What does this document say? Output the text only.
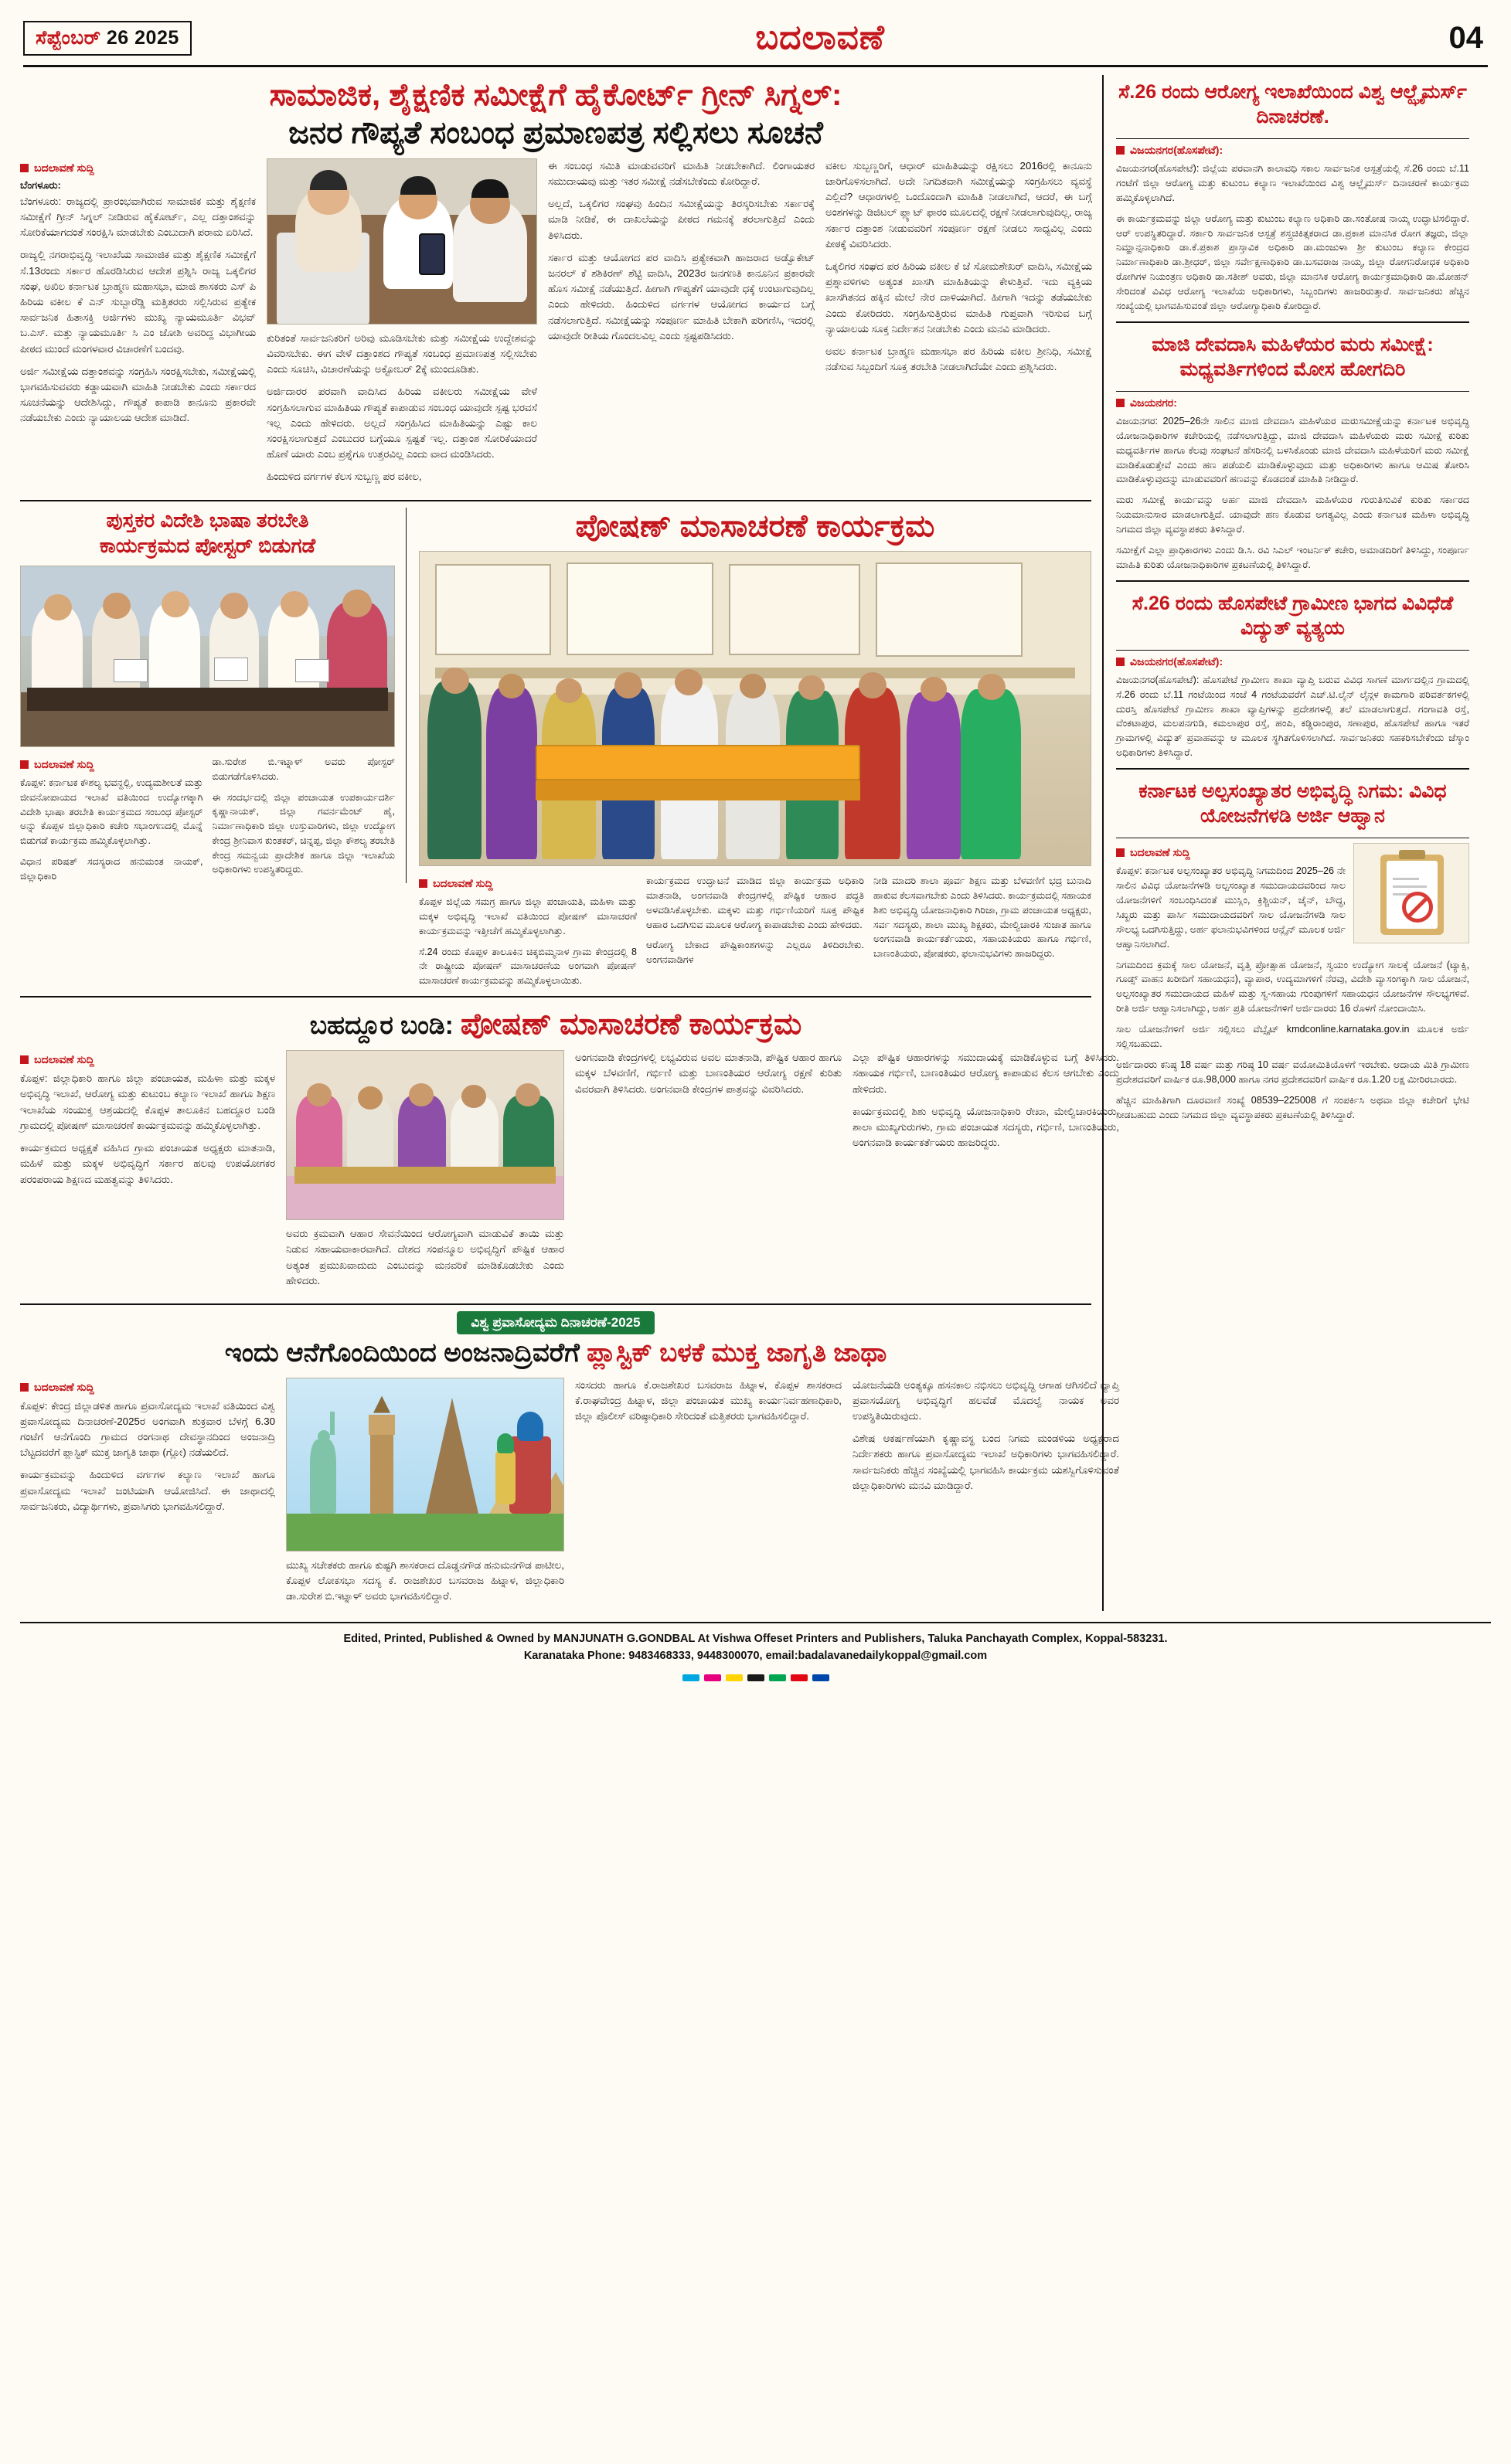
ಸೆಪ್ಟೆಂಬರ್ 26 2025	ಬದಲಾವಣೆ	04
ಸಾಮಾಜಿಕ, ಶೈಕ್ಷಣಿಕ ಸಮೀಕ್ಷೆಗೆ ಹೈಕೋರ್ಟ್ ಗ್ರೀನ್ ಸಿಗ್ನಲ್:
ಜನರ ಗೌಪ್ಯತೆ ಸಂಬಂಧ ಪ್ರಮಾಣಪತ್ರ ಸಲ್ಲಿಸಲು ಸೂಚನೆ
ಬದಲಾವಣೆ ಸುದ್ದಿ
ಬೆಂಗಳೂರು:

ಬೆಂಗಳೂರು: ರಾಜ್ಯದಲ್ಲಿ ಪ್ರಾರಂಭವಾಗಿರುವ ಸಾಮಾಜಿಕ ಮತ್ತು ಶೈಕ್ಷಣಿಕ ಸಮೀಕ್ಷೆಗೆ ಗ್ರೀನ್ ಸಿಗ್ನಲ್ ನೀಡಿರುವ ಹೈಕೋರ್ಟ್, ಎಲ್ಲ ದತ್ತಾಂಶವನ್ನು ಸೋರಿಕೆಯಾಗದಂತೆ ಸಂರಕ್ಷಿಸಿ ಮಾಡಬೇಕು ಎಂಬುದಾಗಿ ಪರಾಮ ಏರಿಸಿದೆ.

ರಾಜ್ಯಲ್ಲಿ ನಗರಾಭಿವೃದ್ಧಿ ಇಲಾಖೆಯ ಸಾಮಾಜಿಕ ಮತ್ತು ಶೈಕ್ಷಣಿಕ ಸಮೀಕ್ಷೆಗೆ ಸೆ.13ರಂದು ಸರ್ಕಾರ ಹೊರಡಿಸಿರುವ ಆದೇಶ ಪ್ರಶ್ನಿಸಿ ರಾಜ್ಯ ಒಕ್ಕಲಿಗರ ಸಂಘ, ಅಖಿಲ ಕರ್ನಾಟಕ ಬ್ರಾಹ್ಮಣ ಮಹಾಸಭಾ, ಮಾಜಿ ಶಾಸಕರು ಎಸ್ ಪಿ ಹಿರಿಯ ವಕೀಲ ಕೆ ಎನ್ ಸುಬ್ಬಾರೆಡ್ಡಿ ಮತ್ತಿತರರು ಸಲ್ಲಿಸಿರುವ ಪ್ರತ್ಯೇಕ ಸಾರ್ವಜನಿಕ ಹಿತಾಸಕ್ತಿ ಅರ್ಜಿಗಳು ಮುಖ್ಯ ನ್ಯಾಯಮೂರ್ತಿ ವಿಭವ್ ಬ.ಎಸ್. ಮತ್ತು ನ್ಯಾಯಮೂರ್ತಿ ಸಿ ಎಂ ಜೋಶಿ ಅವರಿದ್ದ ವಿಭಾಗೀಯ ಪೀಠದ ಮುಂದೆ ಮಂಗಳವಾರ ವಿಚಾರಣೆಗೆ ಬಂದವು.

ಅರ್ಜಿ ಸಮೀಕ್ಷೆಯ ದತ್ತಾಂಶವನ್ನು ಸಂಗ್ರಹಿಸಿ ಸಂರಕ್ಷಿಸಬೇಕು, ಸಮೀಕ್ಷೆಯಲ್ಲಿ ಭಾಗವಹಿಸುವವರು ಕಡ್ಡಾಯವಾಗಿ ಮಾಹಿತಿ ನೀಡಬೇಕು ಎಂದು ಸರ್ಕಾರದ ಸೂಚನೆಯನ್ನು ಆದೇಶಿಸಿದ್ದು, ಗೌಪ್ಯತೆ ಕಾಪಾಡಿ ಕಾನೂನು ಪ್ರಕಾರವೇ ನಡೆಯಬೇಕು ಎಂದು ನ್ಯಾಯಾಲಯ ಆದೇಶ ಮಾಡಿದೆ.

ಕುರಿತಂತೆ ಸಾರ್ವಜನಿಕರಿಗೆ ಅರಿವು ಮೂಡಿಸಬೇಕು ಮತ್ತು ಸಮೀಕ್ಷೆಯ ಉದ್ದೇಶವನ್ನು ವಿವರಿಸಬೇಕು. ಈಗ ವೇಳೆ ದತ್ತಾಂಶದ ಗೌಪ್ಯತೆ ಸಂಬಂಧ ಪ್ರಮಾಣಪತ್ರ ಸಲ್ಲಿಸಬೇಕು ಎಂದು ಸೂಚಿಸಿ, ವಿಚಾರಣೆಯನ್ನು ಅಕ್ಟೋಬರ್ 2ಕ್ಕೆ ಮುಂದೂಡಿತು.

ಅರ್ಜಿದಾರರ ಪರವಾಗಿ ವಾದಿಸಿದ ಹಿರಿಯ ವಕೀಲರು ಸಮೀಕ್ಷೆಯ ವೇಳೆ ಸಂಗ್ರಹಿಸಲಾಗುವ ಮಾಹಿತಿಯ ಗೌಪ್ಯತೆ ಕಾಪಾಡುವ ಸಂಬಂಧ ಯಾವುದೇ ಸ್ಪಷ್ಟ ಭರವಸೆ ಇಲ್ಲ ಎಂದು ಹೇಳಿದರು. ಅಲ್ಲದೆ ಸಂಗ್ರಹಿಸಿದ ಮಾಹಿತಿಯನ್ನು ಎಷ್ಟು ಕಾಲ ಸಂರಕ್ಷಿಸಲಾಗುತ್ತದೆ ಎಂಬುದರ ಬಗ್ಗೆಯೂ ಸ್ಪಷ್ಟತೆ ಇಲ್ಲ. ದತ್ತಾಂಶ ಸೋರಿಕೆಯಾದರೆ ಹೊಣೆ ಯಾರು ಎಂಬ ಪ್ರಶ್ನೆಗೂ ಉತ್ತರವಿಲ್ಲ ಎಂದು ವಾದ ಮಂಡಿಸಿದರು.

ಹಿಂದುಳಿದ ವರ್ಗಗಳ ಕೆಲಸ ಸುಬ್ಬಣ್ಣ ಪರ ವಕೀಲ,

ಈ ಸಂಬಂಧ ಸಮಿತಿ ಮಾಡುವವರಿಗೆ ಮಾಹಿತಿ ನೀಡಬೇಕಾಗಿದೆ. ಲಿಂಗಾಯತರ ಸಮುದಾಯವು ಮತ್ತು ಇತರ ಸಮೀಕ್ಷೆ ನಡೆಸಬೇಕೆಂದು ಕೋರಿದ್ದಾರೆ.

ಅಲ್ಲದೆ, ಒಕ್ಕಲಿಗರ ಸಂಘವು ಹಿಂದಿನ ಸಮೀಕ್ಷೆಯನ್ನು ತಿರಸ್ಕರಿಸಬೇಕು ಸರ್ಕಾರಕ್ಕೆ ಮಾಡಿ ನೀಡಿಕೆ, ಈ ದಾಖಲೆಯನ್ನು ಪೀಠದ ಗಮನಕ್ಕೆ ತರಲಾಗುತ್ತಿದೆ ಎಂದು ತಿಳಿಸಿದರು.

ಸರ್ಕಾರ ಮತ್ತು ಆಯೋಗದ ಪರ ವಾದಿಸಿ ಪ್ರತ್ಯೇಕವಾಗಿ ಹಾಜರಾದ ಅಡ್ವೊಕೇಟ್ ಜನರಲ್ ಕೆ ಶಶಿಕಿರಣ್ ಶೆಟ್ಟಿ ವಾದಿಸಿ, 2023ರ ಜನಗಣತಿ ಕಾನೂನಿನ ಪ್ರಕಾರವೇ ಹೊಸ ಸಮೀಕ್ಷೆ ನಡೆಯುತ್ತಿದೆ. ಹೀಗಾಗಿ ಗೌಪ್ಯತೆಗೆ ಯಾವುದೇ ಧಕ್ಕೆ ಉಂಟಾಗುವುದಿಲ್ಲ ಎಂದು ಹೇಳಿದರು. ಹಿಂದುಳಿದ ವರ್ಗಗಳ ಆಯೋಗದ ಕಾರ್ಯದ ಬಗ್ಗೆ ನಡೆಸಲಾಗುತ್ತಿದೆ. ಸಮೀಕ್ಷೆಯನ್ನು ಸಂಪೂರ್ಣ ಮಾಹಿತಿ ಬೇಕಾಗಿ ಪರಿಗಣಿಸಿ, ಇದರಲ್ಲಿ ಯಾವುದೇ ರೀತಿಯ ಗೊಂದಲವಿಲ್ಲ ಎಂದು ಸ್ಪಷ್ಟಪಡಿಸಿದರು.

ವಕೀಲ ಸುಬ್ಬಣ್ಣರಿಗೆ, ಆಧಾರ್ ಮಾಹಿತಿಯನ್ನು ರಕ್ಷಿಸಲು 2016ರಲ್ಲಿ ಕಾನೂನು ಜಾರಿಗೊಳಿಸಲಾಗಿದೆ. ಅದೇ ನಿಗದಿತವಾಗಿ ಸಮೀಕ್ಷೆಯನ್ನು ಸಂಗ್ರಹಿಸಲು ವ್ಯವಸ್ಥೆ ಎಲ್ಲಿದೆ? ಆಧಾರಗಳಲ್ಲಿ ಒಂದೊಂದಾಗಿ ಮಾಹಿತಿ ನೀಡಲಾಗಿದೆ, ಆದರೆ, ಈ ಬಗ್ಗೆ ಅಂಶಗಳನ್ನು ಡಿಜಿಟಲ್ ಪ್ಲ್ಯಾಟ್ ಫಾರಂ ಮೂಲದಲ್ಲಿ ರಕ್ಷಣೆ ನೀಡಲಾಗುವುದಿಲ್ಲ, ರಾಜ್ಯ ಸರ್ಕಾರ ದತ್ತಾಂಶ ನೀಡುವವರಿಗೆ ಸಂಪೂರ್ಣ ರಕ್ಷಣೆ ನೀಡಲು ಸಾಧ್ಯವಿಲ್ಲ ಎಂದು ಪೀಠಕ್ಕೆ ವಿವರಿಸಿದರು.

ಒಕ್ಕಲಿಗರ ಸಂಘದ ಪರ ಹಿರಿಯ ವಕೀಲ ಕೆ ಜೆ ಸೋಮಶೇಖರ್ ವಾದಿಸಿ, ಸಮೀಕ್ಷೆಯ ಪ್ರಶ್ನಾವಳಿಗಳು ಅತ್ಯಂತ ಖಾಸಗಿ ಮಾಹಿತಿಯನ್ನು ಕೇಳುತ್ತಿವೆ. ಇದು ವ್ಯಕ್ತಿಯ ಖಾಸಗಿತನದ ಹಕ್ಕಿನ ಮೇಲೆ ನೇರ ದಾಳಿಯಾಗಿದೆ. ಹೀಗಾಗಿ ಇದನ್ನು ತಡೆಯಬೇಕು ಎಂದು ಕೋರಿದರು. ಸಂಗ್ರಹಿಸುತ್ತಿರುವ ಮಾಹಿತಿ ಗುಪ್ತವಾಗಿ ಇರಿಸುವ ಬಗ್ಗೆ ನ್ಯಾಯಾಲಯ ಸೂಕ್ತ ನಿರ್ದೇಶನ ನೀಡಬೇಕು ಎಂದು ಮನವಿ ಮಾಡಿದರು.

ಅವಲ ಕರ್ನಾಟಕ ಬ್ರಾಹ್ಮಣ ಮಹಾಸಭಾ ಪರ ಹಿರಿಯ ವಕೀಲ ಶ್ರೀನಿಧಿ, ಸಮೀಕ್ಷೆ ನಡೆಸುವ ಸಿಬ್ಬಂದಿಗೆ ಸೂಕ್ತ ತರಬೇತಿ ನೀಡಲಾಗಿದೆಯೇ ಎಂದು ಪ್ರಶ್ನಿಸಿದರು.

ಪುಸ್ತಕರ ವಿದೇಶಿ ಭಾಷಾ ತರಬೇತಿ
ಕಾರ್ಯಕ್ರಮದ ಪೋಸ್ಟರ್ ಬಿಡುಗಡೆ
ಬದಲಾವಣೆ ಸುದ್ದಿ

ಕೊಪ್ಪಳ: ಕರ್ನಾಟಕ ಕೌಶಲ್ಯ ಭವನ್ದಲ್ಲಿ, ಉದ್ಯಮಶೀಲತೆ ಮತ್ತು ಜೀವನೋಪಾಯದ ಇಲಾಖೆ ವತಿಯಿಂದ ಉದ್ಯೋಗಕ್ಕಾಗಿ ವಿದೇಶಿ ಭಾಷಾ ತರಬೇತಿ ಕಾರ್ಯಕ್ರಮದ ಸಂಬಂಧ ಪೋಸ್ಟರ್ ಅನ್ನು ಕೊಪ್ಪಳ ಜಿಲ್ಲಾಧಿಕಾರಿ ಕಚೇರಿ ಸಭಾಂಗಣದಲ್ಲಿ ಮೊನ್ನೆ ಬಿಡುಗಡೆ ಕಾರ್ಯಕ್ರಮ ಹಮ್ಮಿಕೊಳ್ಳಲಾಗಿತ್ತು.

ವಿಧಾನ ಪರಿಷತ್ ಸದಸ್ಯರಾದ ಹನುಮಂತ ನಾಯಕ್, ಜಿಲ್ಲಾಧಿಕಾರಿ

ಡಾ.ಸುರೇಶ ಬಿ.ಇಟ್ನಾಳ್ ಅವರು ಪೋಸ್ಟರ್ ಬಿಡುಗಡೆಗೊಳಿಸಿದರು.

ಈ ಸಂದರ್ಭದಲ್ಲಿ ಜಿಲ್ಲಾ ಪಂಚಾಯತ ಉಪಕಾರ್ಯದರ್ಶಿ ಕೃಷ್ಣಾನಾಯಕ್, ಜಿಲ್ಲಾ ಗವರ್ನಮೆಂಟ್ ಹೈ, ನಿರ್ಮಾಣಾಧಿಕಾರಿ ಜಿಲ್ಲಾ ಉಸ್ತುವಾರಿಗಳು, ಜಿಲ್ಲಾ ಉದ್ಯೋಗ ಕೇಂದ್ರ ಶ್ರೀನಿವಾಸ ಕುಂತಕರ್, ಚಿನ್ನಪ್ಪ, ಜಿಲ್ಲಾ ಕೌಶಲ್ಯ ತರಬೇತಿ ಕೇಂದ್ರ ಸಮನ್ವಯ ಪ್ರಾದೇಶಿಕ ಹಾಗೂ ಜಿಲ್ಲಾ ಇಲಾಖೆಯ ಅಧಿಕಾರಿಗಳು ಉಪಸ್ಥಿತರಿದ್ದರು.

ಪೋಷಣ್ ಮಾಸಾಚರಣೆ ಕಾರ್ಯಕ್ರಮ
ಬದಲಾವಣೆ ಸುದ್ದಿ

ಕೊಪ್ಪಳ ಜಿಲ್ಲೆಯ ಸಮಗ್ರ ಹಾಗೂ ಜಿಲ್ಲಾ ಪಂಚಾಯತಿ, ಮಹಿಳಾ ಮತ್ತು ಮಕ್ಕಳ ಅಭಿವೃದ್ಧಿ ಇಲಾಖೆ ವತಿಯಿಂದ ಪೋಷಣ್ ಮಾಸಾಚರಣೆ ಕಾರ್ಯಕ್ರಮವನ್ನು ಇತ್ತೀಚೆಗೆ ಹಮ್ಮಿಕೊಳ್ಳಲಾಗಿತ್ತು.

ಸೆ.24 ರಂದು ಕೊಪ್ಪಳ ತಾಲೂಕಿನ ಚಿಕ್ಕಬಿಮ್ಮನಾಳ ಗ್ರಾಮ ಕೇಂದ್ರದಲ್ಲಿ 8 ನೇ ರಾಷ್ಟ್ರೀಯ ಪೋಷಣ್ ಮಾಸಾಚರಣೆಯ ಅಂಗವಾಗಿ ಪೋಷಣ್ ಮಾಸಾಚರಣೆ ಕಾರ್ಯಕ್ರಮವನ್ನು ಹಮ್ಮಿಕೊಳ್ಳಲಾಯಿತು.

ಕಾರ್ಯಕ್ರಮದ ಉದ್ಘಾಟನೆ ಮಾಡಿದ ಜಿಲ್ಲಾ ಕಾರ್ಯಕ್ರಮ ಅಧಿಕಾರಿ ಮಾತನಾಡಿ, ಅಂಗನವಾಡಿ ಕೇಂದ್ರಗಳಲ್ಲಿ ಪೌಷ್ಟಿಕ ಆಹಾರ ಪದ್ಧತಿ ಅಳವಡಿಸಿಕೊಳ್ಳಬೇಕು. ಮಕ್ಕಳು ಮತ್ತು ಗರ್ಭಿಣಿಯರಿಗೆ ಸೂಕ್ತ ಪೌಷ್ಟಿಕ ಆಹಾರ ಒದಗಿಸುವ ಮೂಲಕ ಆರೋಗ್ಯ ಕಾಪಾಡಬೇಕು ಎಂದು ಹೇಳಿದರು.

ಆರೋಗ್ಯ ಬೇಕಾದ ಪೌಷ್ಟಿಕಾಂಶಗಳನ್ನು ಎಲ್ಲರೂ ತಿಳಿದಿರಬೇಕು. ಅಂಗನವಾಡಿಗಳ

ನೀಡಿ ಮಾದರಿ ಶಾಲಾ ಪೂರ್ವ ಶಿಕ್ಷಣ ಮತ್ತು ಬೆಳವಣಿಗೆ ಭದ್ರ ಬುನಾದಿ ಹಾಕುವ ಕೆಲಸವಾಗಬೇಕು ಎಂದು ತಿಳಿಸಿದರು. ಕಾರ್ಯಕ್ರಮದಲ್ಲಿ ಸಹಾಯಕ ಶಿಶು ಅಭಿವೃದ್ಧಿ ಯೋಜನಾಧಿಕಾರಿ ಗಿರಿಜಾ, ಗ್ರಾಮ ಪಂಚಾಯತ ಅಧ್ಯಕ್ಷರು, ಸರ್ವ ಸದಸ್ಯರು, ಶಾಲಾ ಮುಖ್ಯ ಶಿಕ್ಷಕರು, ಮೇಲ್ವಿಚಾರಕಿ ಸುಜಾತ ಹಾಗೂ ಅಂಗನವಾಡಿ ಕಾರ್ಯಕರ್ತೆಯರು, ಸಹಾಯಕಿಯರು ಹಾಗೂ ಗರ್ಭಿಣಿ, ಬಾಣಂತಿಯರು, ಪೋಷಕರು, ಫಲಾನುಭವಿಗಳು ಹಾಜರಿದ್ದರು.

ಬಹದ್ದೂರ ಬಂಡಿ: ಪೋಷಣ್ ಮಾಸಾಚರಣೆ ಕಾರ್ಯಕ್ರಮ
ಬದಲಾವಣೆ ಸುದ್ದಿ

ಕೊಪ್ಪಳ: ಜಿಲ್ಲಾಧಿಕಾರಿ ಹಾಗೂ ಜಿಲ್ಲಾ ಪಂಚಾಯತ, ಮಹಿಳಾ ಮತ್ತು ಮಕ್ಕಳ ಅಭಿವೃದ್ಧಿ ಇಲಾಖೆ, ಆರೋಗ್ಯ ಮತ್ತು ಕುಟುಂಬ ಕಲ್ಯಾಣ ಇಲಾಖೆ ಹಾಗೂ ಶಿಕ್ಷಣ ಇಲಾಖೆಯ ಸಂಯುಕ್ತ ಆಶ್ರಯದಲ್ಲಿ ಕೊಪ್ಪಳ ತಾಲೂಕಿನ ಬಹದ್ದೂರ ಬಂಡಿ ಗ್ರಾಮದಲ್ಲಿ ಪೋಷಣ್ ಮಾಸಾಚರಣೆ ಕಾರ್ಯಕ್ರಮವನ್ನು ಹಮ್ಮಿಕೊಳ್ಳಲಾಗಿತ್ತು.

ಕಾರ್ಯಕ್ರಮದ ಅಧ್ಯಕ್ಷತೆ ವಹಿಸಿದ ಗ್ರಾಮ ಪಂಚಾಯತ ಅಧ್ಯಕ್ಷರು ಮಾತನಾಡಿ, ಮಹಿಳೆ ಮತ್ತು ಮಕ್ಕಳ ಅಭಿವೃದ್ಧಿಗೆ ಸರ್ಕಾರ ಹಲವು ಉಪಯೋಗಕರ ಪರಂಪರಾಯ ಶಿಕ್ಷಣದ ಮಹತ್ವವನ್ನು ತಿಳಿಸಿದರು.

ಅವರು ಕ್ರಮವಾಗಿ ಆಹಾರ ಸೇವನೆಯಿಂದ ಆರೋಗ್ಯವಾಗಿ ಮಾಡುವಿಕೆ ತಾಯಿ ಮತ್ತು ನಿಡುವ ಸಹಾಯವಾಕಾರವಾಗಿದೆ. ದೇಶದ ಸಂಪನ್ಮೂಲ ಅಭಿವೃದ್ಧಿಗೆ ಪೌಷ್ಟಿಕ ಆಹಾರ ಅತ್ಯಂತ ಪ್ರಮುಖವಾದುದು ಎಂಬುದನ್ನು ಮನವರಿಕೆ ಮಾಡಿಕೊಡಬೇಕು ಎಂದು ಹೇಳಿದರು.

ಅಂಗನವಾಡಿ ಕೇಂದ್ರಗಳಲ್ಲಿ ಲಭ್ಯವಿರುವ ಅವಲ ಮಾತನಾಡಿ, ಪೌಷ್ಟಿಕ ಆಹಾರ ಹಾಗೂ ಮಕ್ಕಳ ಬೆಳವಣಿಗೆ, ಗರ್ಭಿಣಿ ಮತ್ತು ಬಾಣಂತಿಯರ ಆರೋಗ್ಯ ರಕ್ಷಣೆ ಕುರಿತು ವಿವರವಾಗಿ ತಿಳಿಸಿದರು. ಅಂಗನವಾಡಿ ಕೇಂದ್ರಗಳ ಪಾತ್ರವನ್ನು ವಿವರಿಸಿದರು.

ಎಲ್ಲಾ ಪೌಷ್ಟಿಕ ಆಹಾರಗಳನ್ನು ಸಮುದಾಯಕ್ಕೆ ಮಾಡಿಕೊಳ್ಳುವ ಬಗ್ಗೆ ತಿಳಿಸಿದರು. ಸಹಾಯಕ ಗರ್ಭಿಣಿ, ಬಾಣಂತಿಯರ ಆರೋಗ್ಯ ಕಾಪಾಡುವ ಕೆಲಸ ಆಗಬೇಕು ಎಂದು ಹೇಳಿದರು.

ಕಾರ್ಯಕ್ರಮದಲ್ಲಿ ಶಿಶು ಅಭಿವೃದ್ಧಿ ಯೋಜನಾಧಿಕಾರಿ ರೇಖಾ, ಮೇಲ್ವಿಚಾರಕಿಯರು, ಶಾಲಾ ಮುಖ್ಯಗುರುಗಳು, ಗ್ರಾಮ ಪಂಚಾಯತ ಸದಸ್ಯರು, ಗರ್ಭಿಣಿ, ಬಾಣಂತಿಯರು, ಅಂಗನವಾಡಿ ಕಾರ್ಯಕರ್ತೆಯರು ಹಾಜರಿದ್ದರು.

ವಿಶ್ವ ಪ್ರವಾಸೋದ್ಯಮ ದಿನಾಚರಣೆ-2025
ಇಂದು ಆನೆಗೊಂದಿಯಿಂದ ಅಂಜನಾದ್ರಿವರೆಗೆ ಪ್ಲಾಸ್ಟಿಕ್ ಬಳಕೆ ಮುಕ್ತ ಜಾಗೃತಿ ಜಾಥಾ
ಬದಲಾವಣೆ ಸುದ್ದಿ

ಕೊಪ್ಪಳ: ಕೇಂದ್ರ ಜಿಲ್ಲಾಡಳಿತ ಹಾಗೂ ಪ್ರವಾಸೋದ್ಯಮ ಇಲಾಖೆ ವತಿಯಿಂದ ವಿಶ್ವ ಪ್ರವಾಸೋದ್ಯಮ ದಿನಾಚರಣೆ-2025ರ ಅಂಗವಾಗಿ ಶುಕ್ರವಾರ ಬೆಳಗ್ಗೆ 6.30 ಗಂಟೆಗೆ ಆನೆಗೊಂದಿ ಗ್ರಾಮದ ರಂಗನಾಥ ದೇವಸ್ಥಾನದಿಂದ ಅಂಜನಾದ್ರಿ ಬೆಟ್ಟದವರೆಗೆ ಪ್ಲಾಸ್ಟಿಕ್ ಮುಕ್ತ ಜಾಗೃತಿ ಜಾಥಾ (ಗ್ಲೋ) ನಡೆಯಲಿದೆ.

ಕಾರ್ಯಕ್ರಮವನ್ನು ಹಿಂದುಳಿದ ವರ್ಗಗಳ ಕಲ್ಯಾಣ ಇಲಾಖೆ ಹಾಗೂ ಪ್ರವಾಸೋದ್ಯಮ ಇಲಾಖೆ ಜಂಟಿಯಾಗಿ ಆಯೋಜಿಸಿದೆ. ಈ ಜಾಥಾದಲ್ಲಿ ಸಾರ್ವಜನಿಕರು, ವಿದ್ಯಾರ್ಥಿಗಳು, ಪ್ರವಾಸಿಗರು ಭಾಗವಹಿಸಲಿದ್ದಾರೆ.

ಮುಖ್ಯ ಸಚೇತಕರು ಹಾಗೂ ಕುಷ್ಟಗಿ ಶಾಸಕರಾದ ದೊಡ್ಡನಗೌಡ ಹನುಮನಗೌಡ ಪಾಟೀಲ, ಕೊಪ್ಪಳ ಲೋಕಸಭಾ ಸದಸ್ಯ ಕೆ. ರಾಜಶೇಖರ ಬಸವರಾಜ ಹಿಟ್ನಾಳ, ಜಿಲ್ಲಾಧಿಕಾರಿ ಡಾ.ಸುರೇಶ ಬಿ.ಇಟ್ನಾಳ್ ಅವರು ಭಾಗವಹಿಸಲಿದ್ದಾರೆ.

ಸಂಸದರು ಹಾಗೂ ಕೆ.ರಾಜಶೇಖರ ಬಸವರಾಜ ಹಿಟ್ನಾಳ, ಕೊಪ್ಪಳ ಶಾಸಕರಾದ ಕೆ.ರಾಘವೇಂದ್ರ ಹಿಟ್ನಾಳ, ಜಿಲ್ಲಾ ಪಂಚಾಯತ ಮುಖ್ಯ ಕಾರ್ಯನಿರ್ವಹಣಾಧಿಕಾರಿ, ಜಿಲ್ಲಾ ಪೊಲೀಸ್ ವರಿಷ್ಠಾಧಿಕಾರಿ ಸೇರಿದಂತೆ ಮತ್ತಿತರರು ಭಾಗವಹಿಸಲಿದ್ದಾರೆ.

ಯೋಜನೆಯಡಿ ಅಂತ್ಯಕ್ಕೂ ಹಸನಕಾಲ ನಭಿಸಲು ಅಭಿವೃದ್ಧಿ ಆಗಾಹ ಆಗಿಸಲಿದೆ ವ್ಯಾಪ್ತಿ ಪ್ರವಾಸಯೋಗ್ಯ ಅಭಿವೃದ್ಧಿಗೆ ಹಲವೆಡೆ ಮೊದಲ್ವೆ ನಾಯಕ ಅವರ ಉಪಸ್ಥಿತಿಯಿರುವುದು.

ವಿಶೇಷ ಆಕರ್ಷಣೆಯಾಗಿ ಕೃಷ್ಣಾವಸ್ಥ ಬಂದ ನಿಗಮ ಮಂಡಳಿಯ ಅಧ್ಯಕ್ಷರಾದ ನಿರ್ದೇಶಕರು ಹಾಗೂ ಪ್ರವಾಸೋದ್ಯಮ ಇಲಾಖೆ ಅಧಿಕಾರಿಗಳು ಭಾಗವಹಿಸಲಿದ್ದಾರೆ. ಸಾರ್ವಜನಿಕರು ಹೆಚ್ಚಿನ ಸಂಖ್ಯೆಯಲ್ಲಿ ಭಾಗವಹಿಸಿ ಕಾರ್ಯಕ್ರಮ ಯಶಸ್ವಿಗೊಳಿಸುವಂತೆ ಜಿಲ್ಲಾಧಿಕಾರಿಗಳು ಮನವಿ ಮಾಡಿದ್ದಾರೆ.

ಸೆ.26 ರಂದು ಆರೋಗ್ಯ ಇಲಾಖೆಯಿಂದ ವಿಶ್ವ ಆಲ್ಝೈಮರ್ಸ್ ದಿನಾಚರಣೆ.
ವಿಜಯನಗರ(ಹೊಸಪೇಟೆ):

ವಿಜಯನಗರ(ಹೊಸಪೇಟೆ): ಜಿಲ್ಲೆಯ ಪರವಾನಗಿ ಕಾಲಾವಧಿ ಸಕಾಲ ಸಾರ್ವಜನಿಕ ಆಸ್ಪತ್ರೆಯಲ್ಲಿ ಸೆ.26 ರಂದು ಬೆ.11 ಗಂಟೆಗೆ ಜಿಲ್ಲಾ ಆರೋಗ್ಯ ಮತ್ತು ಕುಟುಂಬ ಕಲ್ಯಾಣ ಇಲಾಖೆಯಿಂದ ವಿಶ್ವ ಆಲ್ಝೈಮರ್ಸ್ ದಿನಾಚರಣೆ ಕಾರ್ಯಕ್ರಮ ಹಮ್ಮಿಕೊಳ್ಳಲಾಗಿದೆ.

ಈ ಕಾರ್ಯಕ್ರಮವನ್ನು ಜಿಲ್ಲಾ ಆರೋಗ್ಯ ಮತ್ತು ಕುಟುಂಬ ಕಲ್ಯಾಣ ಅಧಿಕಾರಿ ಡಾ.ಸಂತೋಷ ನಾಯ್ಕ ಉದ್ಘಾಟಿಸಲಿದ್ದಾರೆ. ಆರ್ ಉಪಸ್ಥಿತರಿದ್ದಾರೆ. ಸರ್ಕಾರಿ ಸಾರ್ವಜನಿಕ ಆಸ್ಪತ್ರೆ ಶಸ್ತ್ರಚಿಕಿತ್ಸಕರಾದ ಡಾ.ಪ್ರಕಾಶ ಮಾನಸಿಕ ರೋಗ ತಜ್ಞರು, ಜಿಲ್ಲಾ ನಿಮ್ಹಾನ್ಸನಾಧಿಕಾರಿ ಡಾ.ಕೆ.ಪ್ರಕಾಶ ಪ್ರಾಸ್ತಾವಿಕ ಅಧಿಕಾರಿ ಡಾ.ಮಂಜುಳಾ ಶ್ರೀ ಕುಟುಂಬ ಕಲ್ಯಾಣ ಕೇಂದ್ರದ ನಿರ್ಮಾಣಾಧಿಕಾರಿ ಡಾ.ಶ್ರೀಧರ್, ಜಿಲ್ಲಾ ಸರ್ವೇಕ್ಷಣಾಧಿಕಾರಿ ಡಾ.ಬಸವರಾಜ ನಾಯ್ಕ, ಜಿಲ್ಲಾ ರೋಗನಿರೋಧಕ ಅಧಿಕಾರಿ ರೋಗಿಗಳ ನಿಯಂತ್ರಣ ಅಧಿಕಾರಿ ಡಾ.ಸತೀಶ್ ಅವರು, ಜಿಲ್ಲಾ ಮಾನಸಿಕ ಆರೋಗ್ಯ ಕಾರ್ಯಕ್ರಮಾಧಿಕಾರಿ ಡಾ.ಮೋಹನ್ ಸೇರಿದಂತೆ ವಿವಿಧ ಆರೋಗ್ಯ ಇಲಾಖೆಯ ಅಧಿಕಾರಿಗಳು, ಸಿಬ್ಬಂದಿಗಳು ಹಾಜರಿರುತ್ತಾರೆ. ಸಾರ್ವಜನಿಕರು ಹೆಚ್ಚಿನ ಸಂಖ್ಯೆಯಲ್ಲಿ ಭಾಗವಹಿಸುವಂತೆ ಜಿಲ್ಲಾ ಆರೋಗ್ಯಾಧಿಕಾರಿ ಕೋರಿದ್ದಾರೆ.

ಮಾಜಿ ದೇವದಾಸಿ ಮಹಿಳೆಯರ ಮರು ಸಮೀಕ್ಷೆ: ಮಧ್ಯವರ್ತಿಗಳಿಂದ ಮೋಸ ಹೋಗದಿರಿ
ವಿಜಯನಗರ:

ವಿಜಯನಗರ: 2025–26ನೇ ಸಾಲಿನ ಮಾಜಿ ದೇವದಾಸಿ ಮಹಿಳೆಯರ ಮರುಸಮೀಕ್ಷೆಯನ್ನು ಕರ್ನಾಟಕ ಅಭಿವೃದ್ಧಿ ಯೋಜನಾಧಿಕಾರಿಗಳ ಕಚೇರಿಯಲ್ಲಿ ನಡೆಸಲಾಗುತ್ತಿದ್ದು, ಮಾಜಿ ದೇವದಾಸಿ ಮಹಿಳೆಯರು ಮರು ಸಮೀಕ್ಷೆ ಕುರಿತು ಮಧ್ಯವರ್ತಿಗಳ ಹಾಗೂ ಕೆಲವು ಸಂಘಟನೆ ಹೆಸರಿನಲ್ಲಿ ಬಳಸಿಕೊಂಡು ಮಾಜಿ ದೇವದಾಸಿ ಮಹಿಳೆಯರಿಗೆ ಮರು ಸಮೀಕ್ಷೆ ಮಾಡಿಕೊಡುತ್ತೇವೆ ಎಂದು ಹಣ ಪಡೆಯಲಿ ಮಾಡಿಕೊಳ್ಳುವುದು ಮತ್ತು ಅಧಿಕಾರಿಗಳು ಹಾಗೂ ಆಮಿಷ ತೋರಿಸಿ ಮಾಡಿಕೊಳ್ಳುವುದನ್ನು ಮಾಡುವವರಿಗೆ ಹಣವನ್ನು ಕೊಡದಂತೆ ಮಾಹಿತಿ ನೀಡಿದ್ದಾರೆ.

ಮರು ಸಮೀಕ್ಷೆ ಕಾರ್ಯವನ್ನು ಅರ್ಹ ಮಾಜಿ ದೇವದಾಸಿ ಮಹಿಳೆಯರ ಗುರುತಿಸುವಿಕೆ ಕುರಿತು ಸರ್ಕಾರದ ನಿಯಮಾನುಸಾರ ಮಾಡಲಾಗುತ್ತಿದೆ. ಯಾವುದೇ ಹಣ ಕೊಡುವ ಅಗತ್ಯವಿಲ್ಲ ಎಂದು ಕರ್ನಾಟಕ ಮಹಿಳಾ ಅಭಿವೃದ್ಧಿ ನಿಗಮದ ಜಿಲ್ಲಾ ವ್ಯವಸ್ಥಾಪಕರು ತಿಳಿಸಿದ್ದಾರೆ.

ಸಮೀಕ್ಷೆಗೆ ಎಲ್ಲಾ ಪ್ರಾಧಿಕಾರಗಳು ಎಂದು ಡಿ.ಸಿ. ರವಿ ಸಿಎಲ್ ಇಂಟರ್ನಿಕ್ ಕಚೇರಿ, ಅಮಾಡದಿರಿಗೆ ತಿಳಿಸಿದ್ದು, ಸಂಪೂರ್ಣ ಮಾಹಿತಿ ಕುರಿತು ಯೋಜನಾಧಿಕಾರಿಗಳ ಪ್ರಕಟಣೆಯಲ್ಲಿ ತಿಳಿಸಿದ್ದಾರೆ.

ಸೆ.26 ರಂದು ಹೊಸಪೇಟೆ ಗ್ರಾಮೀಣ ಭಾಗದ ವಿವಿಧೆಡೆ ವಿದ್ಯುತ್ ವ್ಯತ್ಯಯ
ವಿಜಯನಗರ(ಹೊಸಪೇಟೆ):

ವಿಜಯನಗರ(ಹೊಸಪೇಟೆ): ಹೊಸಪೇಟೆ ಗ್ರಾಮೀಣ ಶಾಖಾ ವ್ಯಾಪ್ತಿ ಬರುವ ವಿವಿಧ ಸಾಗಣೆ ಮಾರ್ಗದಲ್ಲಿನ ಗ್ರಾಮದಲ್ಲಿ ಸೆ.26 ರಂದು ಬೆ.11 ಗಂಟೆಯಿಂದ ಸಂಜೆ 4 ಗಂಟೆಯವರೆಗೆ ಎಚ್.ಟಿ.ಲೈನ್ ಲೈನ್ಗಳ ಕಾಮಗಾರಿ ಪರಿವರ್ತಕಗಳಲ್ಲಿ ದುರಸ್ತಿ ಹೊಸಪೇಟೆ ಗ್ರಾಮೀಣ ಶಾಖಾ ವ್ಯಾಪ್ತಿಗಳನ್ನು ಪ್ರದೇಶಗಳಲ್ಲಿ ತಲೆ ಮಾಡಲಾಗುತ್ತದೆ. ಗಂಗಾವತಿ ರಸ್ತೆ, ವೆಂಕಟಾಪುರ, ಮಲಪನಗುಡಿ, ಕಮಲಾಪುರ ರಸ್ತೆ, ಹಂಪಿ, ಕಡ್ಡಿರಾಂಪುರ, ಸಣಾಪುರ, ಹೊಸಪೇಟೆ ಹಾಗೂ ಇತರೆ ಗ್ರಾಮಗಳಲ್ಲಿ ವಿದ್ಯುತ್ ಪ್ರವಾಹವನ್ನು ಆ ಮೂಲಕ ಸ್ಥಗಿತಗೊಳಿಸಲಾಗಿದೆ. ಸಾರ್ವಜನಿಕರು ಸಹಕರಿಸಬೇಕೆಂದು ಜೆಸ್ಕಾಂ ಅಧಿಕಾರಿಗಳು ತಿಳಿಸಿದ್ದಾರೆ.

ಕರ್ನಾಟಕ ಅಲ್ಪಸಂಖ್ಯಾತರ ಅಭಿವೃದ್ಧಿ ನಿಗಮ: ವಿವಿಧ ಯೋಜನೆಗಳಡಿ ಅರ್ಜಿ ಆಹ್ವಾನ
ಬದಲಾವಣೆ ಸುದ್ದಿ

ಕೊಪ್ಪಳ: ಕರ್ನಾಟಕ ಅಲ್ಪಸಂಖ್ಯಾತರ ಅಭಿವೃದ್ಧಿ ನಿಗಮದಿಂದ 2025–26 ನೇ ಸಾಲಿನ ವಿವಿಧ ಯೋಜನೆಗಳಡಿ ಅಲ್ಪಸಂಖ್ಯಾತ ಸಮುದಾಯದವರಿಂದ ಸಾಲ ಯೋಜನೆಗಳಿಗೆ ಸಂಬಂಧಿಸಿದಂತೆ ಮುಸ್ಲಿಂ, ಕ್ರಿಶ್ಚಿಯನ್, ಜೈನ್, ಬೌದ್ಧ, ಸಿಖ್ಖರು ಮತ್ತು ಪಾರ್ಸಿ ಸಮುದಾಯದವರಿಗೆ ಸಾಲ ಯೋಜನೆಗಳಡಿ ಸಾಲ ಸೌಲಭ್ಯ ಒದಗಿಸುತ್ತಿದ್ದು, ಅರ್ಹ ಫಲಾನುಭವಿಗಳಿಂದ ಆನ್ಲೈನ್ ಮೂಲಕ ಅರ್ಜಿ ಆಹ್ವಾನಿಸಲಾಗಿದೆ.

ನಿಗಮದಿಂದ ಕ್ರಮಕ್ಕೆ ಸಾಲ ಯೋಜನೆ, ವೃತ್ತಿ ಪ್ರೋತ್ಸಾಹ ಯೋಜನೆ, ಸ್ವಯಂ ಉದ್ಯೋಗ ಸಾಲಕ್ಕೆ ಯೋಜನೆ (ಟ್ಯಾಕ್ಸಿ, ಗೂಡ್ಸ್ ವಾಹನ ಖರೀದಿಗೆ ಸಹಾಯಧನ), ವ್ಯಾಪಾರ, ಉದ್ಯಮಾಗಳಿಗೆ ನೆರವು, ವಿದೇಶಿ ವ್ಯಾಸಂಗಕ್ಕಾಗಿ ಸಾಲ ಯೋಜನೆ, ಅಲ್ಪಸಂಖ್ಯಾತರ ಸಮುದಾಯದ ಮಹಿಳೆ ಮತ್ತು ಸ್ವ-ಸಹಾಯ ಗುಂಪುಗಳಿಗೆ ಸಹಾಯಧನ ಯೋಜನೆಗಳ ಸೌಲಭ್ಯಗಳಿವೆ. ರೀತಿ ಅರ್ಜಿ ಆಹ್ವಾನಿಸಲಾಗಿದ್ದು, ಅರ್ಹ ಪ್ರತಿ ಯೋಜನೆಗಳಿಗೆ ಅರ್ಜಿದಾರರು 16 ರೊಳಗೆ ನೋಂದಾಯಿಸಿ.

ಸಾಲ ಯೋಜನೆಗಳಿಗೆ ಅರ್ಜಿ ಸಲ್ಲಿಸಲು ವೆಬ್ಸೈಟ್ kmdconline.karnataka.gov.in ಮೂಲಕ ಅರ್ಜಿ ಸಲ್ಲಿಸಬಹುದು.

ಅರ್ಜಿದಾರರು ಕನಿಷ್ಠ 18 ವರ್ಷ ಮತ್ತು ಗರಿಷ್ಠ 10 ವರ್ಷ ವಯೋಮಿತಿಯೊಳಗೆ ಇರಬೇಕು. ಆದಾಯ ಮಿತಿ ಗ್ರಾಮೀಣ ಪ್ರದೇಶದವರಿಗೆ ವಾರ್ಷಿಕ ರೂ.98,000 ಹಾಗೂ ನಗರ ಪ್ರದೇಶದವರಿಗೆ ವಾರ್ಷಿಕ ರೂ.1.20 ಲಕ್ಷ ಮೀರಿರಬಾರದು.

ಹೆಚ್ಚಿನ ಮಾಹಿತಿಗಾಗಿ ದೂರವಾಣಿ ಸಂಖ್ಯೆ 08539–225008 ಗೆ ಸಂಪರ್ಕಿಸಿ ಅಥವಾ ಜಿಲ್ಲಾ ಕಚೇರಿಗೆ ಭೇಟಿ ನೀಡಬಹುದು ಎಂದು ನಿಗಮದ ಜಿಲ್ಲಾ ವ್ಯವಸ್ಥಾಪಕರು ಪ್ರಕಟಣೆಯಲ್ಲಿ ತಿಳಿಸಿದ್ದಾರೆ.

Edited, Printed, Published & Owned by MANJUNATH G.GONDBAL At Vishwa Offeset Printers and Publishers, Taluka Panchayath Complex, Koppal-583231.
Karanataka Phone: 9483468333, 9448300070, email:badalavanedailykoppal@gmail.com
